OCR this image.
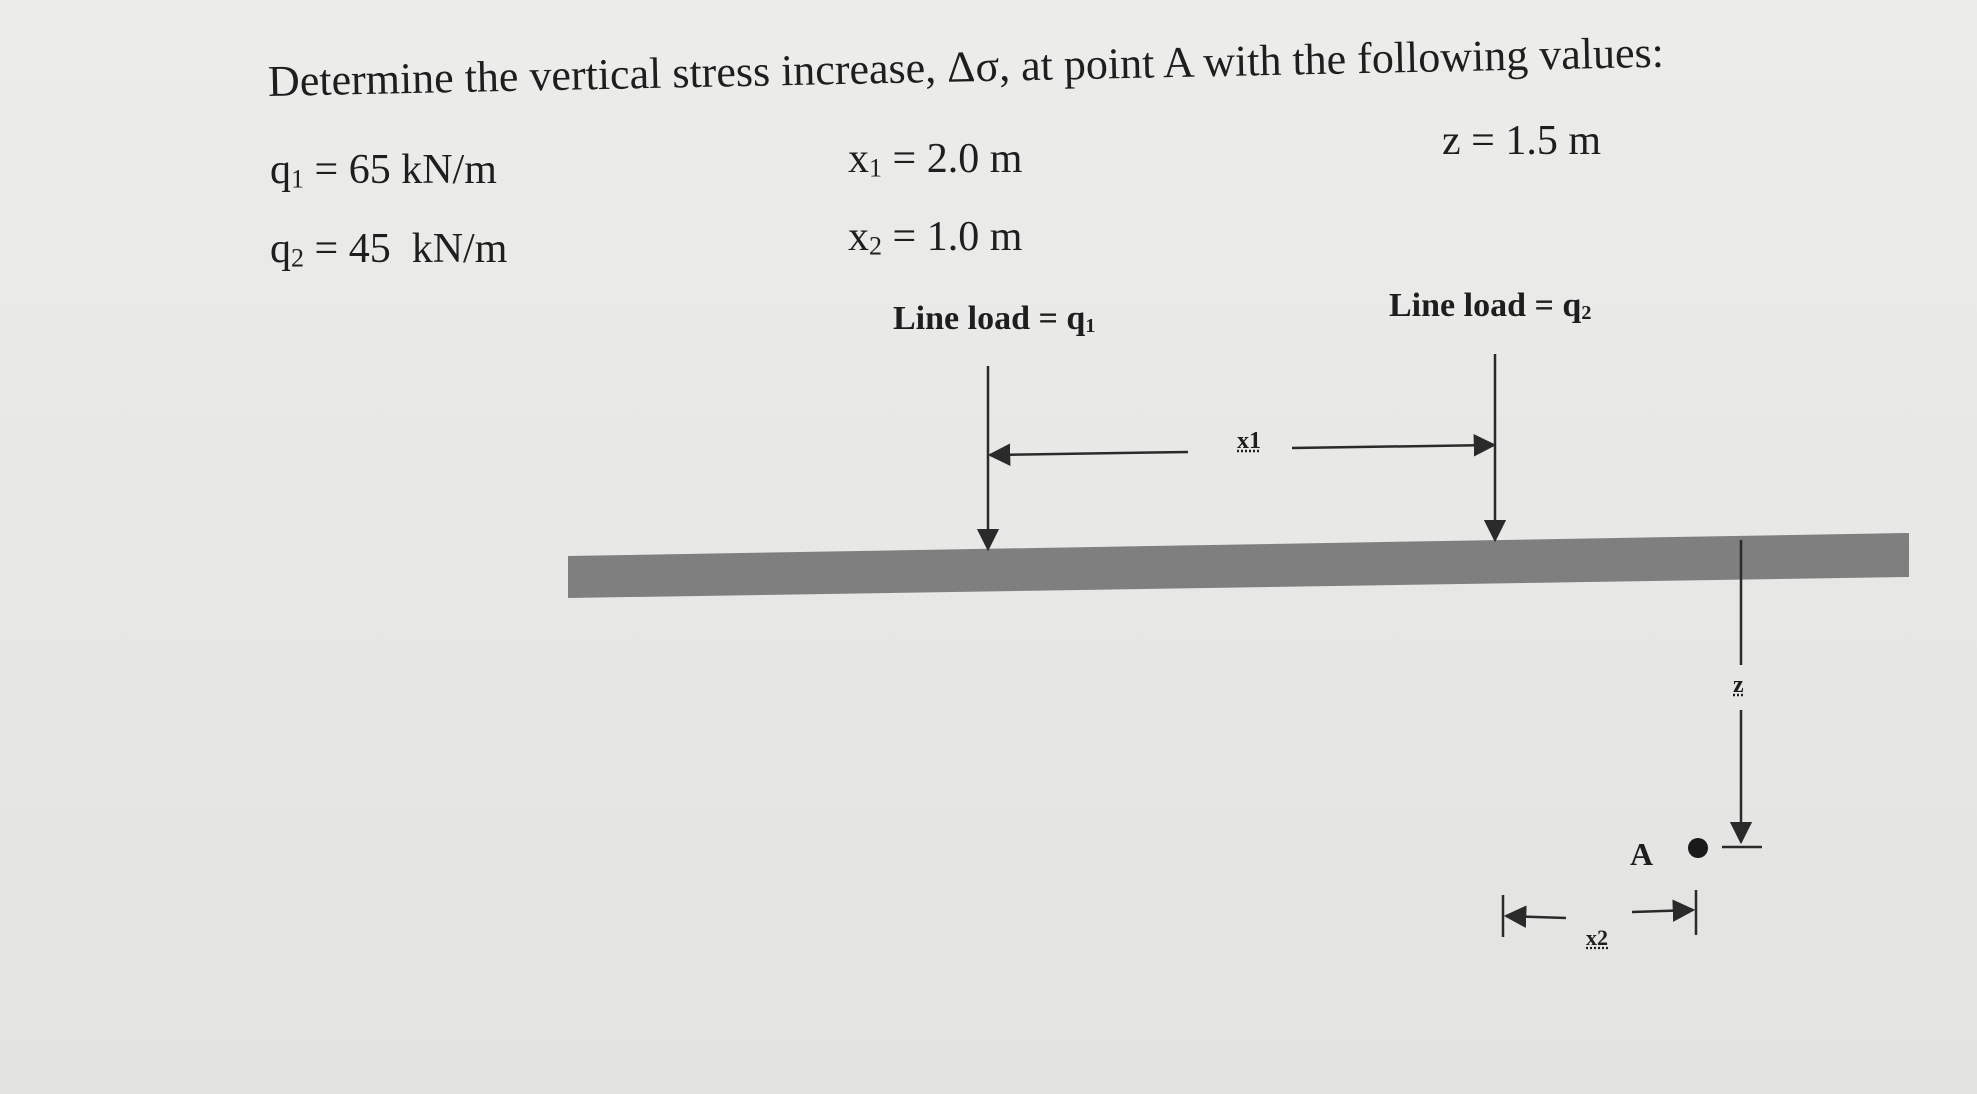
Determine the vertical stress increase, Δσ, at point A with the following values:
$q_1 = 65$ kN/m
$q_2 = 45$  kN/m
$x_1 = 2.0$ m
$x_2 = 1.0$ m
z = 1.5 m
Line load = $q_1$
Line load = $q_2$
x1
x2
z
A
